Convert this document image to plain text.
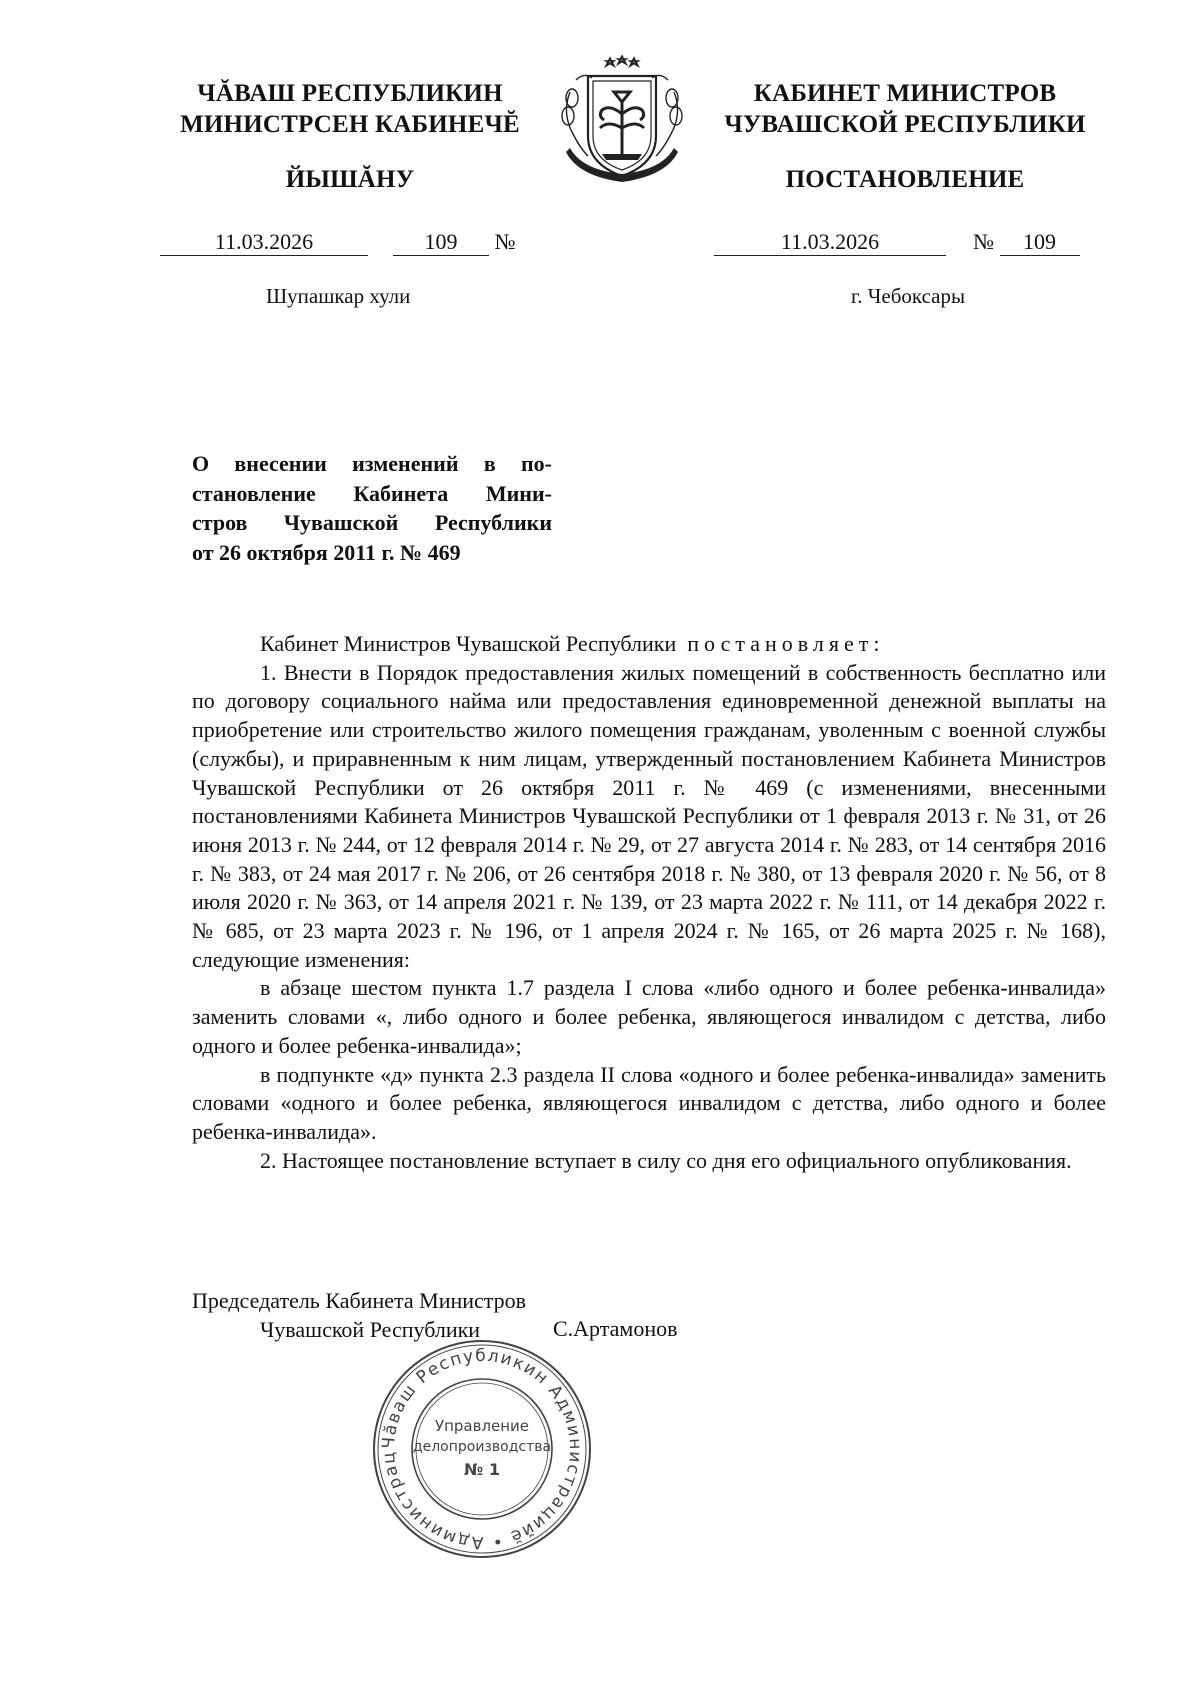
ЧĂВАШ РЕСПУБЛИКИН
МИНИСТРСЕН КАБИНЕЧĔ
ЙЫШĂНУ
КАБИНЕТ МИНИСТРОВ
ЧУВАШСКОЙ РЕСПУБЛИКИ
ПОСТАНОВЛЕНИЕ
11.03.2026	109 №	11.03.2026	№ 109
Шупашкар хули	г. Чебоксары
О внесении изменений в по-
становление Кабинета Мини-
стров Чувашской Республики
от 26 октября 2011 г. № 469

Кабинет Министров Чувашской Республики постановляет:

1. Внести в Порядок предоставления жилых помещений в собственность бесплатно или по договору социального найма или предоставления единовременной денежной выплаты на приобретение или строительство жилого помещения гражданам, уволенным с военной службы (службы), и приравненным к ним лицам, утвержденный постановлением Кабинета Министров Чувашской Республики от 26 октября 2011 г. № 469 (с изменениями, внесенными постановлениями Кабинета Министров Чувашской Республики от 1 февраля 2013 г. № 31, от 26 июня 2013 г. № 244, от 12 февраля 2014 г. № 29, от 27 августа 2014 г. № 283, от 14 сентября 2016 г. № 383, от 24 мая 2017 г. № 206, от 26 сентября 2018 г. № 380, от 13 февраля 2020 г. № 56, от 8 июля 2020 г. № 363, от 14 апреля 2021 г. № 139, от 23 марта 2022 г. № 111, от 14 декабря 2022 г. № 685, от 23 марта 2023 г. № 196, от 1 апреля 2024 г. № 165, от 26 марта 2025 г. № 168), следующие изменения:

в абзаце шестом пункта 1.7 раздела I слова «либо одного и более ребенка-инвалида» заменить словами «, либо одного и более ребенка, являющегося инвалидом с детства, либо одного и более ребенка-инвалида»;

в подпункте «д» пункта 2.3 раздела II слова «одного и более ребенка-инвалида» заменить словами «одного и более ребенка, являющегося инвалидом с детства, либо одного и более ребенка-инвалида».

2. Настоящее постановление вступает в силу со дня его официального опубликования.

Председатель Кабинета Министров
Чувашской Республики	С.Артамонов
Чăваш Республикин Администрацийĕ • Администрац
Управление
делопроизводства
№ 1
